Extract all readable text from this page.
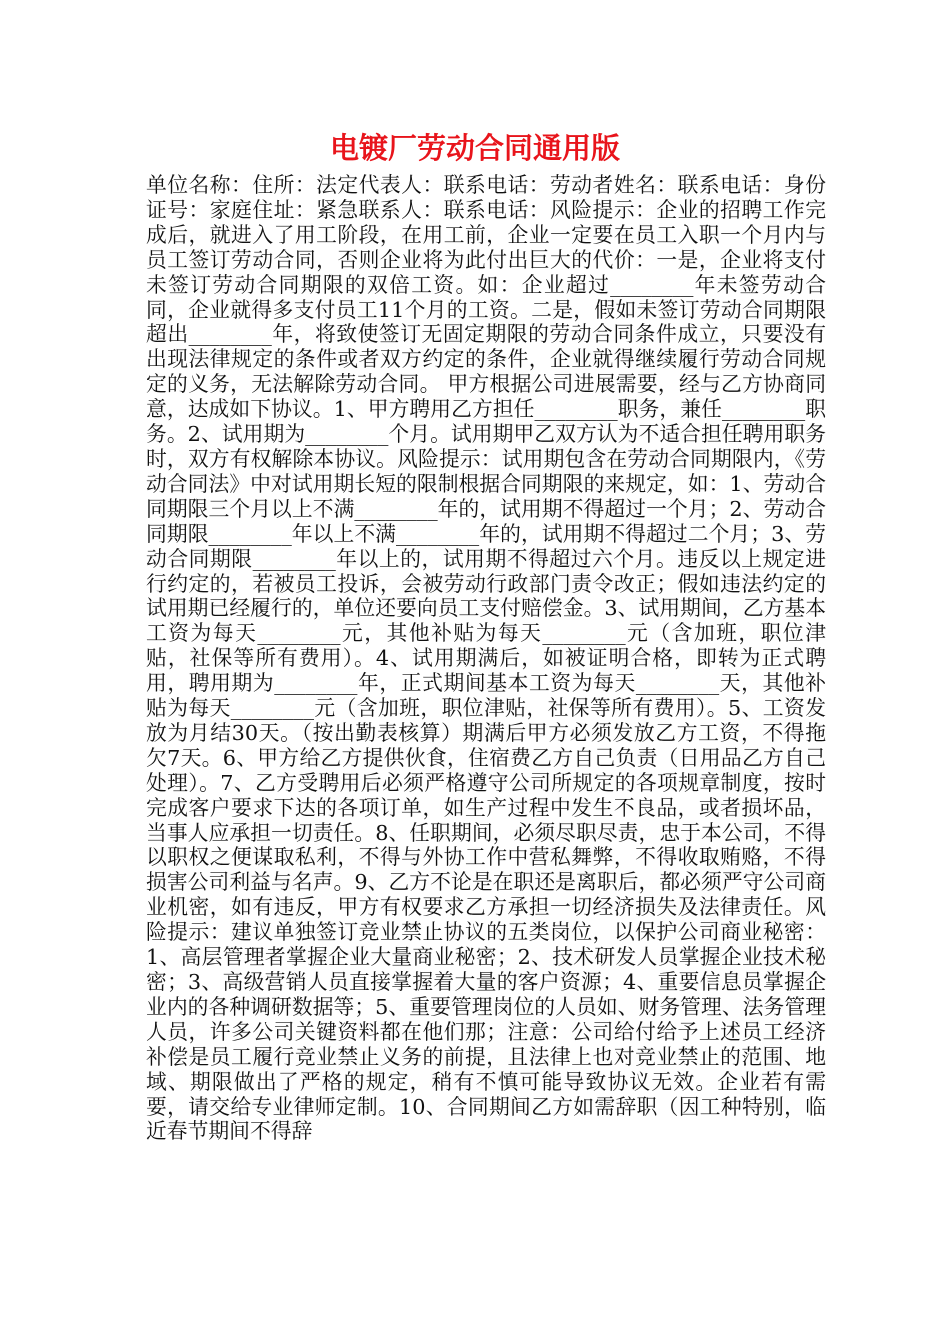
电镀厂劳动合同通用版
单位名称：住所：法定代表人：联系电话：劳动者姓名：联系电话：身份证号：家庭住址：紧急联系人：联系电话：风险提示：企业的招聘工作完成后，就进入了用工阶段，在用工前，企业一定要在员工入职一个月内与员工签订劳动合同，否则企业将为此付出巨大的代价：一是，企业将支付未签订劳动合同期限的双倍工资。如：企业超过________年未签劳动合同，企业就得多支付员工11个月的工资。二是，假如未签订劳动合同期限超出________年，将致使签订无固定期限的劳动合同条件成立，只要没有出现法律规定的条件或者双方约定的条件，企业就得继续履行劳动合同规定的义务，无法解除劳动合同。 甲方根据公司进展需要，经与乙方协商同意，达成如下协议。1、甲方聘用乙方担任________职务，兼任________职务。2、试用期为________个月。试用期甲乙双方认为不适合担任聘用职务时，双方有权解除本协议。风险提示：试用期包含在劳动合同期限内，《劳动合同法》中对试用期长短的限制根据合同期限的来规定，如：1、劳动合同期限三个月以上不满________年的，试用期不得超过一个月；2、劳动合同期限________年以上不满________年的，试用期不得超过二个月；3、劳动合同期限________年以上的，试用期不得超过六个月。违反以上规定进行约定的，若被员工投诉，会被劳动行政部门责令改正；假如违法约定的试用期已经履行的，单位还要向员工支付赔偿金。3、试用期间，乙方基本工资为每天________元，其他补贴为每天________元（含加班，职位津贴，社保等所有费用）。4、试用期满后，如被证明合格，即转为正式聘用，聘用期为________年，正式期间基本工资为每天________天，其他补贴为每天________元（含加班，职位津贴，社保等所有费用）。5、工资发放为月结30天。（按出勤表核算）期满后甲方必须发放乙方工资，不得拖欠7天。6、甲方给乙方提供伙食，住宿费乙方自己负责（日用品乙方自己处理）。7、乙方受聘用后必须严格遵守公司所规定的各项规章制度，按时完成客户要求下达的各项订单，如生产过程中发生不良品，或者损坏品，当事人应承担一切责任。8、任职期间，必须尽职尽责，忠于本公司，不得以职权之便谋取私利，不得与外协工作中营私舞弊，不得收取贿赂，不得损害公司利益与名声。9、乙方不论是在职还是离职后，都必须严守公司商业机密，如有违反，甲方有权要求乙方承担一切经济损失及法律责任。风险提示：建议单独签订竞业禁止协议的五类岗位，以保护公司商业秘密：1、高层管理者掌握企业大量商业秘密；2、技术研发人员掌握企业技术秘密；3、高级营销人员直接掌握着大量的客户资源；4、重要信息员掌握企业内的各种调研数据等；5、重要管理岗位的人员如、财务管理、法务管理人员，许多公司关键资料都在他们那；注意：公司给付给予上述员工经济补偿是员工履行竞业禁止义务的前提，且法律上也对竞业禁止的范围、地域、期限做出了严格的规定，稍有不慎可能导致协议无效。企业若有需要，请交给专业律师定制。10、合同期间乙方如需辞职（因工种特别，临近春节期间不得辞
